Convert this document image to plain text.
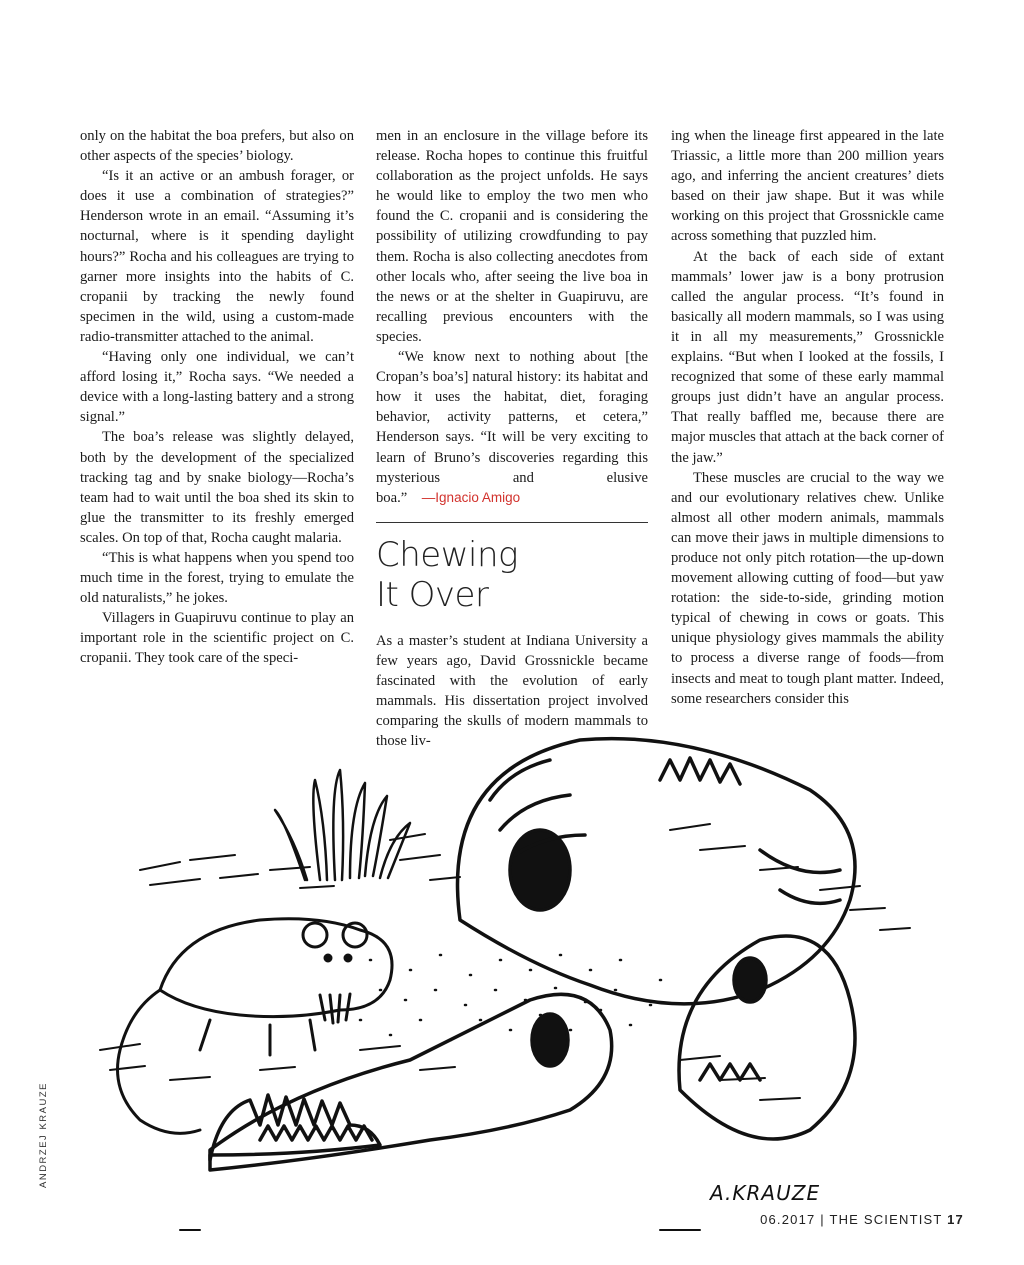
only on the habitat the boa prefers, but also on other aspects of the species’ biology.

“Is it an active or an ambush forager, or does it use a combination of strategies?” Henderson wrote in an email. “Assuming it’s nocturnal, where is it spending daylight hours?” Rocha and his colleagues are trying to garner more insights into the habits of C. cropanii by tracking the newly found specimen in the wild, using a custom-made radio-transmitter attached to the animal.

“Having only one individual, we can’t afford losing it,” Rocha says. “We needed a device with a long-lasting battery and a strong signal.”

The boa’s release was slightly delayed, both by the development of the specialized tracking tag and by snake biology—Rocha’s team had to wait until the boa shed its skin to glue the transmitter to its freshly emerged scales. On top of that, Rocha caught malaria.

“This is what happens when you spend too much time in the forest, trying to emulate the old naturalists,” he jokes.

Villagers in Guapiruvu continue to play an important role in the scientific project on C. cropanii. They took care of the speci-

men in an enclosure in the village before its release. Rocha hopes to continue this fruitful collaboration as the project unfolds. He says he would like to employ the two men who found the C. cropanii and is considering the possibility of utilizing crowdfunding to pay them. Rocha is also collecting anecdotes from other locals who, after seeing the live boa in the news or at the shelter in Guapiruvu, are recalling previous encounters with the species.

“We know next to nothing about [the Cropan’s boa’s] natural history: its habitat and how it uses the habitat, diet, foraging behavior, activity patterns, et cetera,” Henderson says. “It will be very exciting to learn of Bruno’s discoveries regarding this mysterious and elusive boa.” —Ignacio Amigo

Chewing
It Over

As a master’s student at Indiana University a few years ago, David Grossnickle became fascinated with the evolution of early mammals. His dissertation project involved comparing the skulls of modern mammals to those liv-

ing when the lineage first appeared in the late Triassic, a little more than 200 million years ago, and inferring the ancient creatures’ diets based on their jaw shape. But it was while working on this project that Grossnickle came across something that puzzled him.

At the back of each side of extant mammals’ lower jaw is a bony protrusion called the angular process. “It’s found in basically all modern mammals, so I was using it in all my measurements,” Grossnickle explains. “But when I looked at the fossils, I recognized that some of these early mammal groups just didn’t have an angular process. That really baffled me, because there are major muscles that attach at the back corner of the jaw.”

These muscles are crucial to the way we and our evolutionary relatives chew. Unlike almost all other modern animals, mammals can move their jaws in multiple dimensions to produce not only pitch rotation—the up-down movement allowing cutting of food—but yaw rotation: the side-to-side, grinding motion typical of chewing in cows or goats. This unique physiology gives mammals the ability to process a diverse range of foods—from insects and meat to tough plant matter. Indeed, some researchers consider this

A.KRAUZE
ANDRZEJ KRAUZE
06.2017 | THE SCIENTIST 17
